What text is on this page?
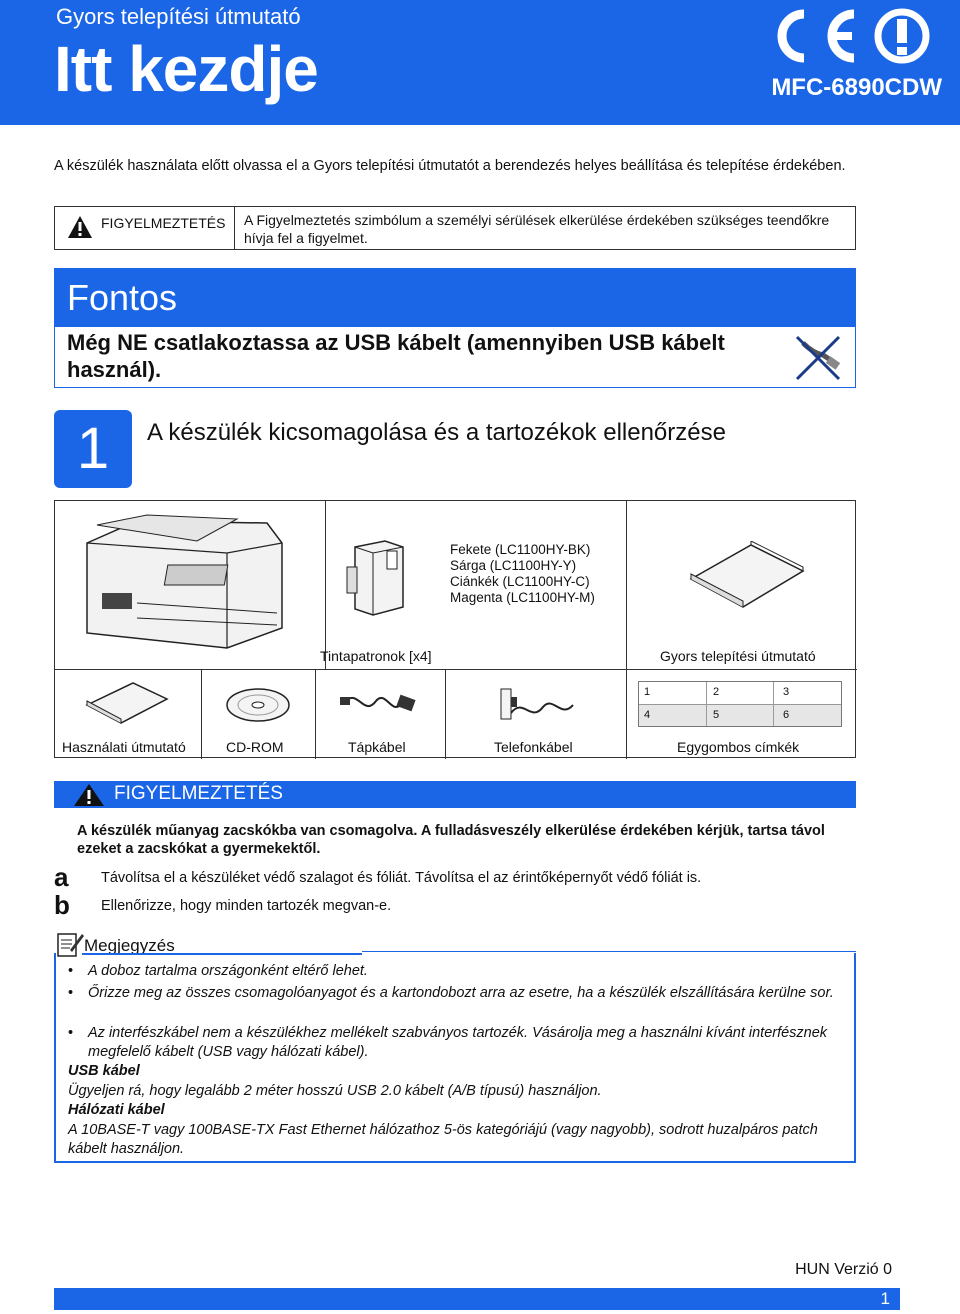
Gyors telepítési útmutató
Itt kezdje	MFC-6890CDW
A készülék használata előtt olvassa el a Gyors telepítési útmutatót a berendezés helyes beállítása és telepítése érdekében.
FIGYELMEZTETÉS A Figyelmeztetés szimbólum a személyi sérülések elkerülése érdekében szükséges teendőkre hívja fel a figyelmet.
Fontos
Még NE csatlakoztassa az USB kábelt (amennyiben USB kábelt használ).
1	A készülék kicsomagolása és a tartozékok ellenőrzése
Fekete (LC1100HY-BK)
Sárga (LC1100HY-Y)
Ciánkék (LC1100HY-C)
Magenta (LC1100HY-M)
Tintapatronok [x4]	Gyors telepítési útmutató
Használati útmutató	CD-ROM	Tápkábel	Telefonkábel	Egygombos címkék
1	2	3
4	5	6
FIGYELMEZTETÉS
A készülék műanyag zacskókba van csomagolva. A fulladásveszély elkerülése érdekében kérjük, tartsa távol ezeket a zacskókat a gyermekektől.
a Távolítsa el a készüléket védő szalagot és fóliát. Távolítsa el az érintőképernyőt védő fóliát is.
b Ellenőrizze, hogy minden tartozék megvan-e.
Megjegyzés
• A doboz tartalma országonként eltérő lehet.
• Őrizze meg az összes csomagolóanyagot és a kartondobozt arra az esetre, ha a készülék elszállítására kerülne sor.
• Az interfészkábel nem a készülékhez mellékelt szabványos tartozék. Vásárolja meg a használni kívánt interfésznek megfelelő kábelt (USB vagy hálózati kábel).
USB kábel
Ügyeljen rá, hogy legalább 2 méter hosszú USB 2.0 kábelt (A/B típusú) használjon.
Hálózati kábel
A 10BASE-T vagy 100BASE-TX Fast Ethernet hálózathoz 5-ös kategóriájú (vagy nagyobb), sodrott huzalpáros patch kábelt használjon.
HUN Verzió 0
1
